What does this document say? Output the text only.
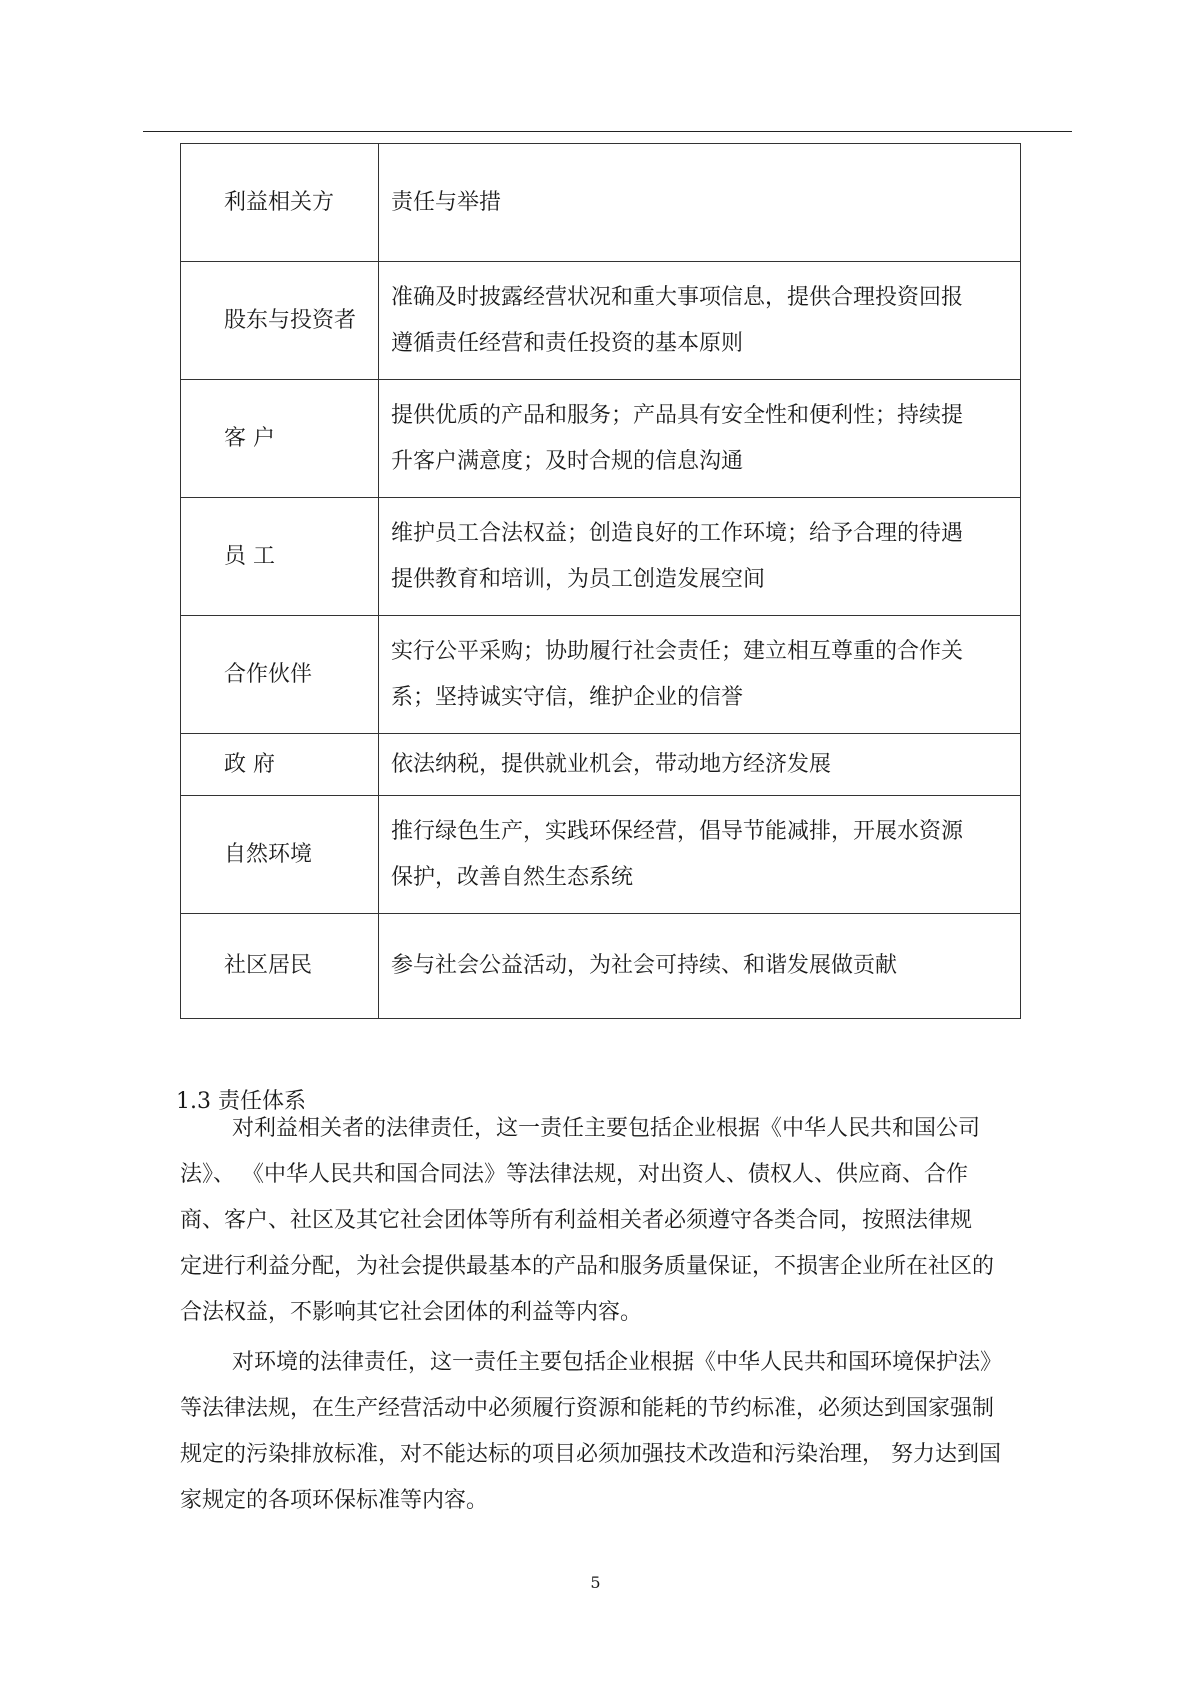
利益相关方	责任与举措

股东与投资者	准确及时披露经营状况和重大事项信息，提供合理投资回报
遵循责任经营和责任投资的基本原则

客 户	提供优质的产品和服务；产品具有安全性和便利性；持续提
升客户满意度；及时合规的信息沟通

员 工	维护员工合法权益；创造良好的工作环境；给予合理的待遇
提供教育和培训，为员工创造发展空间

合作伙伴	实行公平采购；协助履行社会责任；建立相互尊重的合作关
系；坚持诚实守信，维护企业的信誉

政 府	依法纳税，提供就业机会，带动地方经济发展

自然环境	推行绿色生产，实践环保经营，倡导节能减排，开展水资源
保护，改善自然生态系统

社区居民	参与社会公益活动，为社会可持续、和谐发展做贡献
1.3 责任体系
对利益相关者的法律责任，这一责任主要包括企业根据《中华人民共和国公司
法》、 《中华人民共和国合同法》等法律法规，对出资人、债权人、供应商、合作
商、客户、社区及其它社会团体等所有利益相关者必须遵守各类合同，按照法律规
定进行利益分配，为社会提供最基本的产品和服务质量保证，不损害企业所在社区的
合法权益，不影响其它社会团体的利益等内容。
对环境的法律责任，这一责任主要包括企业根据《中华人民共和国环境保护法》
等法律法规，在生产经营活动中必须履行资源和能耗的节约标准，必须达到国家强制
规定的污染排放标准，对不能达标的项目必须加强技术改造和污染治理， 努力达到国
家规定的各项环保标准等内容。
5
